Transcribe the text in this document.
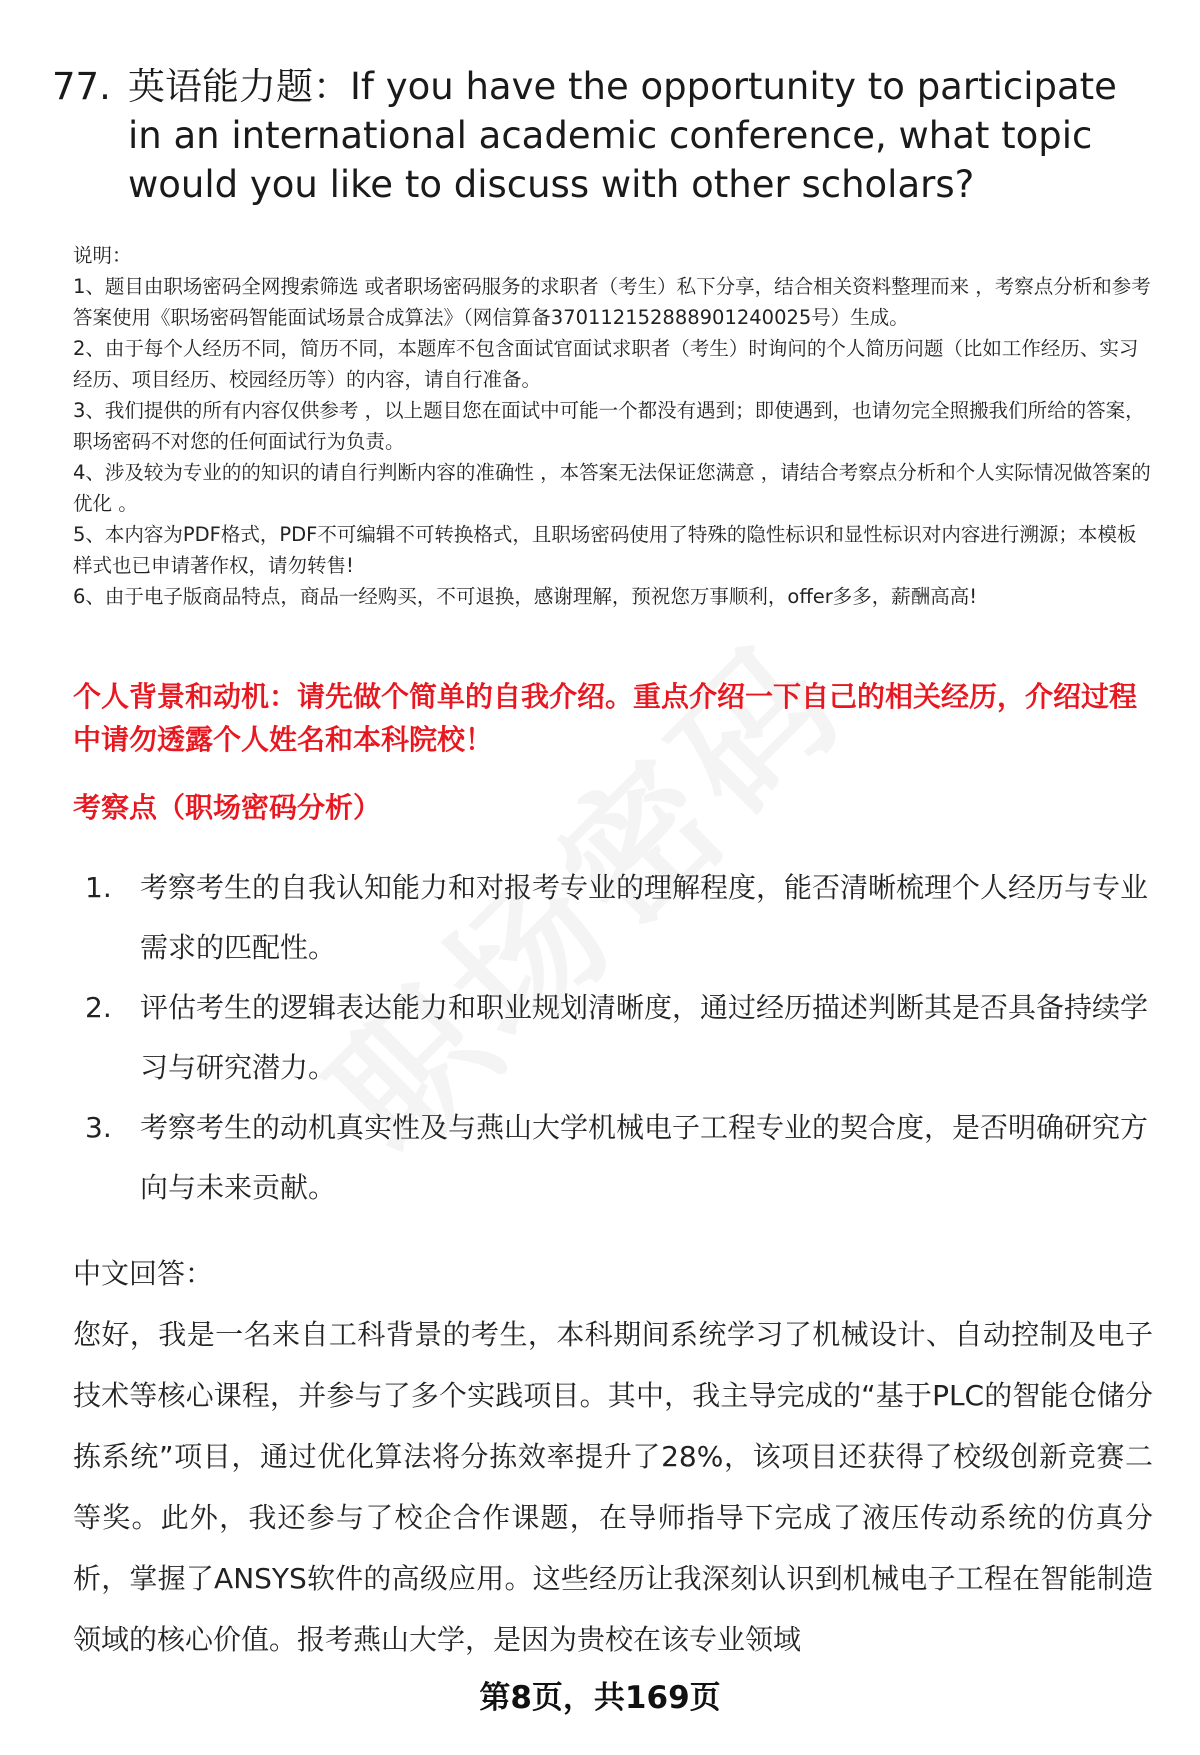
77. 英语能力题：If you have the opportunity to participate in an international academic conference, what topic would you like to discuss with other scholars?

说明：

1、题目由职场密码全网搜索筛选 或者职场密码服务的求职者（考生）私下分享，结合相关资料整理而来 ，考察点分析和参考答案使用《职场密码智能面试场景合成算法》（网信算备370112152888901240025号）生成。

2、由于每个人经历不同，简历不同，本题库不包含面试官面试求职者（考生）时询问的个人简历问题（比如工作经历、实习经历、项目经历、校园经历等）的内容，请自行准备。

3、我们提供的所有内容仅供参考 ，以上题目您在面试中可能一个都没有遇到；即使遇到，也请勿完全照搬我们所给的答案，职场密码不对您的任何面试行为负责。

4、涉及较为专业的的知识的请自行判断内容的准确性 ，本答案无法保证您满意 ，请结合考察点分析和个人实际情况做答案的优化 。

5、本内容为PDF格式，PDF不可编辑不可转换格式，且职场密码使用了特殊的隐性标识和显性标识对内容进行溯源；本模板样式也已申请著作权，请勿转售!

6、由于电子版商品特点，商品一经购买，不可退换，感谢理解，预祝您万事顺利，offer多多，薪酬高高!

个人背景和动机：请先做个简单的自我介绍。重点介绍一下自己的相关经历，介绍过程中请勿透露个人姓名和本科院校！
考察点（职场密码分析）
1.	考察考生的自我认知能力和对报考专业的理解程度，能否清晰梳理个人经历与专业需求的匹配性。
2.	评估考生的逻辑表达能力和职业规划清晰度，通过经历描述判断其是否具备持续学习与研究潜力。
3.	考察考生的动机真实性及与燕山大学机械电子工程专业的契合度，是否明确研究方向与未来贡献。

中文回答：

您好，我是一名来自工科背景的考生，本科期间系统学习了机械设计、自动控制及电子技术等核心课程，并参与了多个实践项目。其中，我主导完成的“基于PLC的智能仓储分拣系统”项目，通过优化算法将分拣效率提升了28%，该项目还获得了校级创新竞赛二等奖。此外，我还参与了校企合作课题，在导师指导下完成了液压传动系统的仿真分析，掌握了ANSYS软件的高级应用。这些经历让我深刻认识到机械电子工程在智能制造领域的核心价值。报考燕山大学，是因为贵校在该专业领域

第8页，共169页
